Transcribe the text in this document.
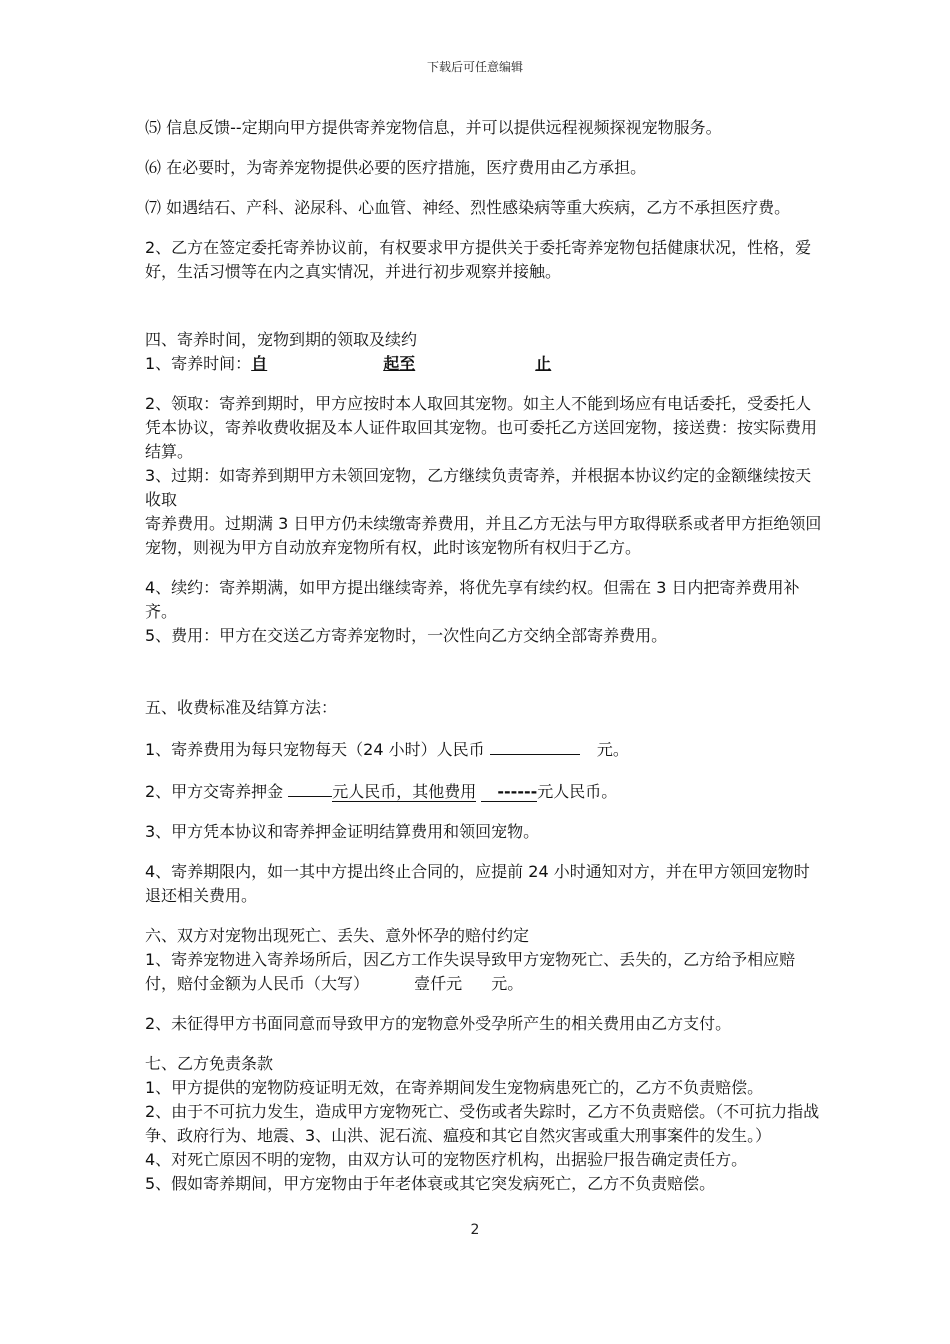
下载后可任意编辑

⑸ 信息反馈--定期向甲方提供寄养宠物信息，并可以提供远程视频探视宠物服务。

⑹ 在必要时，为寄养宠物提供必要的医疗措施，医疗费用由乙方承担。

⑺ 如遇结石、产科、泌尿科、心血管、神经、烈性感染病等重大疾病，乙方不承担医疗费。

2、乙方在签定委托寄养协议前，有权要求甲方提供关于委托寄养宠物包括健康状况，性格，爱好，生活习惯等在内之真实情况，并进行初步观察并接触。

四、寄养时间，宠物到期的领取及续约

1、寄养时间：自	起至	止

2、领取：寄养到期时，甲方应按时本人取回其宠物。如主人不能到场应有电话委托，受委托人凭本协议，寄养收费收据及本人证件取回其宠物。也可委托乙方送回宠物，接送费：按实际费用结算。

3、过期：如寄养到期甲方未领回宠物，乙方继续负责寄养，并根据本协议约定的金额继续按天收取

寄养费用。过期满 3 日甲方仍未续缴寄养费用，并且乙方无法与甲方取得联系或者甲方拒绝领回宠物，则视为甲方自动放弃宠物所有权，此时该宠物所有权归于乙方。

4、续约：寄养期满，如甲方提出继续寄养，将优先享有续约权。但需在 3 日内把寄养费用补齐。

5、费用：甲方在交送乙方寄养宠物时，一次性向乙方交纳全部寄养费用。

五、收费标准及结算方法：

1、寄养费用为每只宠物每天（24 小时）人民币	元。

2、甲方交寄养押金	元人民币，其他费用 ------元人民币。

3、甲方凭本协议和寄养押金证明结算费用和领回宠物。

4、寄养期限内，如一其中方提出终止合同的，应提前 24 小时通知对方，并在甲方领回宠物时退还相关费用。

六、双方对宠物出现死亡、丢失、意外怀孕的赔付约定

1、寄养宠物进入寄养场所后，因乙方工作失误导致甲方宠物死亡、丢失的，乙方给予相应赔付，赔付金额为人民币（大写）	壹仟元 元。

2、未征得甲方书面同意而导致甲方的宠物意外受孕所产生的相关费用由乙方支付。

七、乙方免责条款

1、甲方提供的宠物防疫证明无效，在寄养期间发生宠物病患死亡的，乙方不负责赔偿。

2、由于不可抗力发生，造成甲方宠物死亡、受伤或者失踪时，乙方不负责赔偿。（不可抗力指战争、政府行为、地震、3、山洪、泥石流、瘟疫和其它自然灾害或重大刑事案件的发生。）

4、对死亡原因不明的宠物，由双方认可的宠物医疗机构，出据验尸报告确定责任方。

5、假如寄养期间，甲方宠物由于年老体衰或其它突发病死亡，乙方不负责赔偿。

2
